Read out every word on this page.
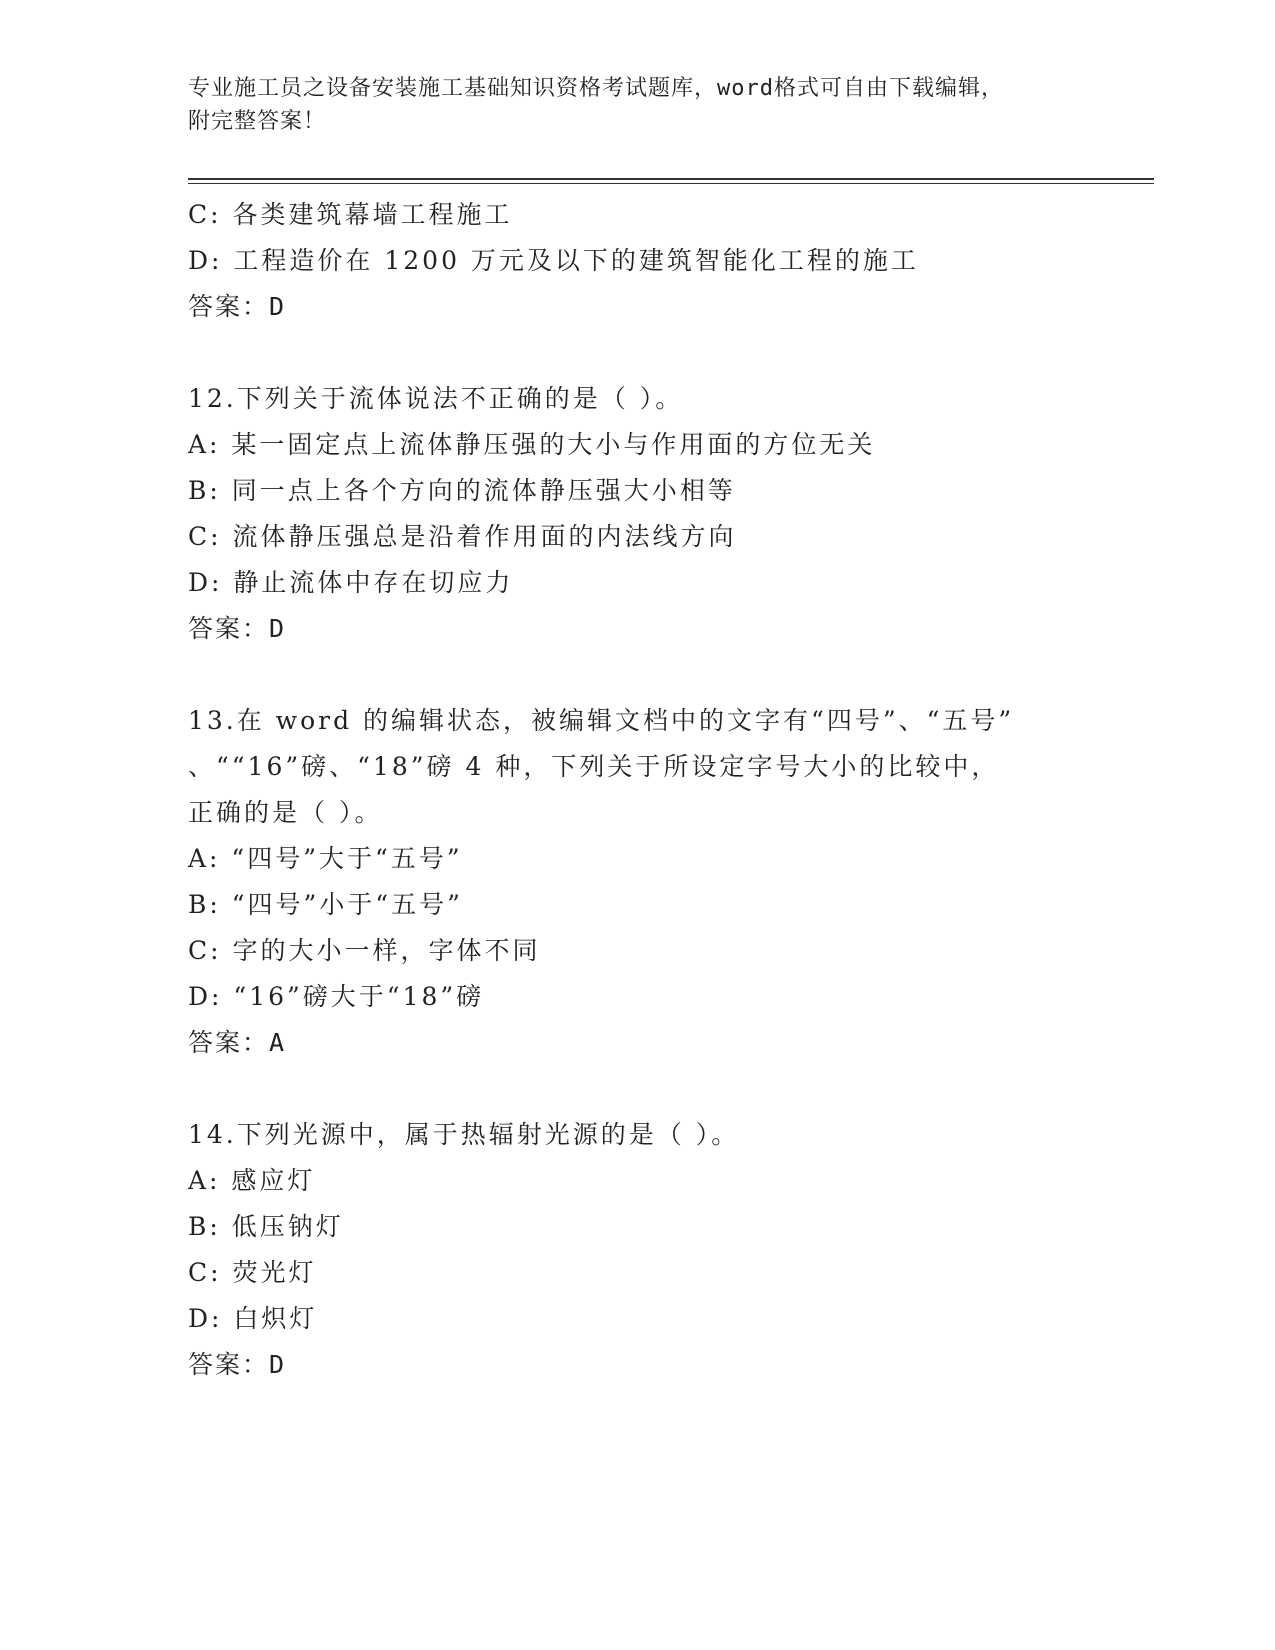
专业施工员之设备安装施工基础知识资格考试题库，word格式可自由下载编辑，
附完整答案！
C: 各类建筑幕墙工程施工
D: 工程造价在 1200 万元及以下的建筑智能化工程的施工
答案：D
12.下列关于流体说法不正确的是（ ）。
A: 某一固定点上流体静压强的大小与作用面的方位无关
B: 同一点上各个方向的流体静压强大小相等
C: 流体静压强总是沿着作用面的内法线方向
D: 静止流体中存在切应力
答案：D
13.在 word 的编辑状态，被编辑文档中的文字有“四号”、“五号”
、““16”磅、“18”磅 4 种，下列关于所设定字号大小的比较中，
正确的是（ ）。
A: “四号”大于“五号”
B: “四号”小于“五号”
C: 字的大小一样，字体不同
D: “16”磅大于“18”磅
答案：A
14.下列光源中，属于热辐射光源的是（ ）。
A: 感应灯
B: 低压钠灯
C: 荧光灯
D: 白炽灯
答案：D
